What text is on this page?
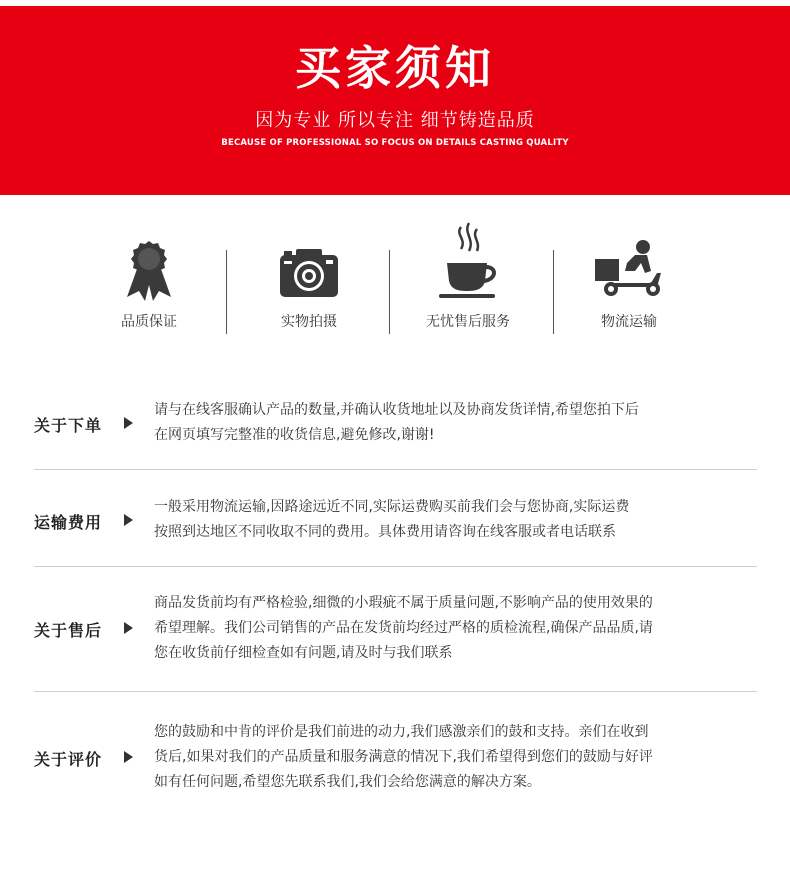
买家须知
因为专业 所以专注 细节铸造品质
BECAUSE OF PROFESSIONAL SO FOCUS ON DETAILS CASTING QUALITY
品质保证	实物拍摄	无忧售后服务	物流运输
关于下单
请与在线客服确认产品的数量,并确认收货地址以及协商发货详情,希望您拍下后
在网页填写完整准的收货信息,避免修改,谢谢!
运输费用
一般采用物流运输,因路途远近不同,实际运费购买前我们会与您协商,实际运费
按照到达地区不同收取不同的费用。具体费用请咨询在线客服或者电话联系
关于售后
商品发货前均有严格检验,细微的小瑕疵不属于质量问题,不影响产品的使用效果的
希望理解。我们公司销售的产品在发货前均经过严格的质检流程,确保产品品质,请
您在收货前仔细检查如有问题,请及时与我们联系
关于评价
您的鼓励和中肯的评价是我们前进的动力,我们感激亲们的鼓和支持。亲们在收到
货后,如果对我们的产品质量和服务满意的情况下,我们希望得到您们的鼓励与好评
如有任何问题,希望您先联系我们,我们会给您满意的解决方案。
